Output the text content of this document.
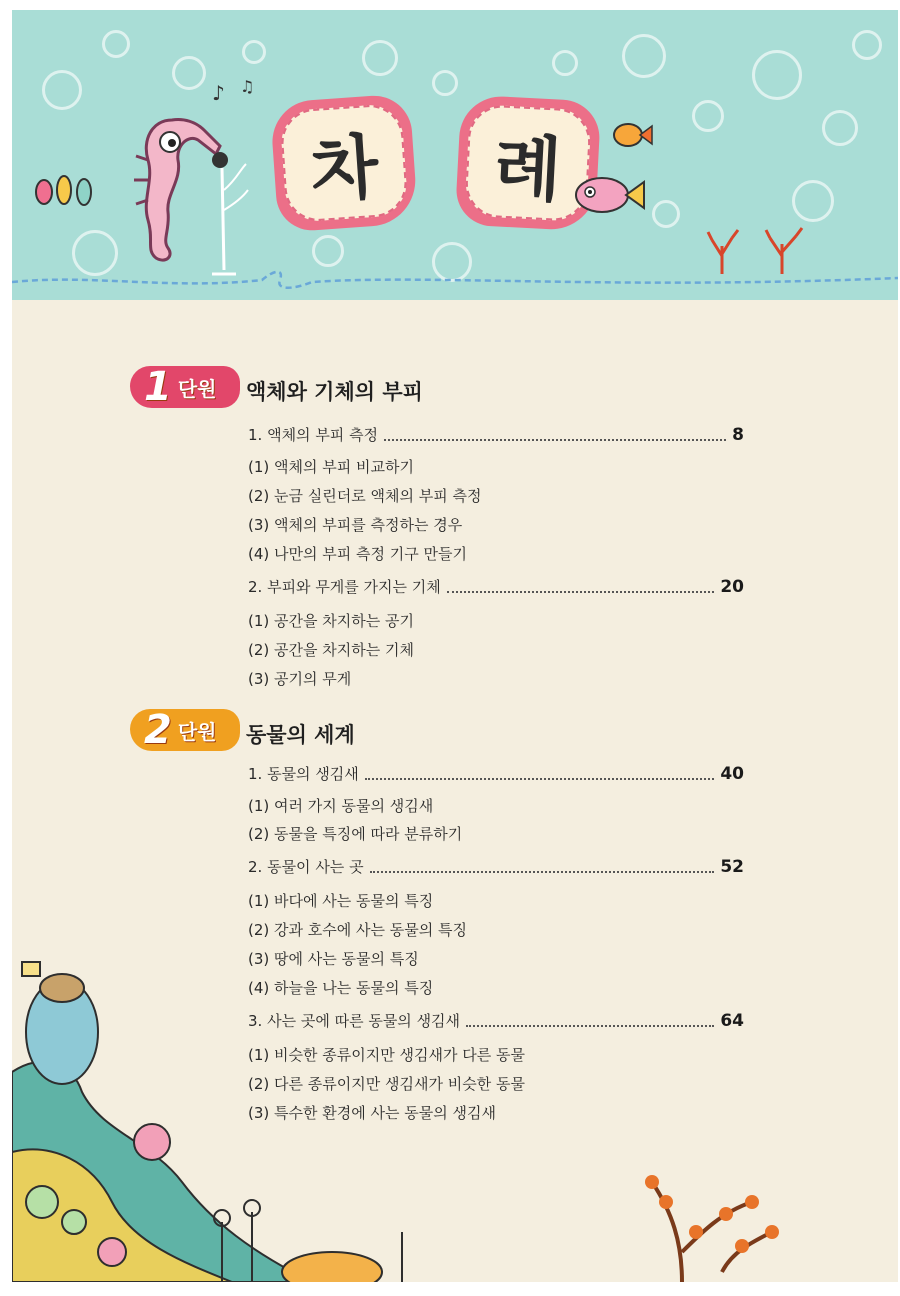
♪ ♫
차	례
1 단원 액체와 기체의 부피
1. 액체의 부피 측정	8
(1) 액체의 부피 비교하기
(2) 눈금 실린더로 액체의 부피 측정
(3) 액체의 부피를 측정하는 경우
(4) 나만의 부피 측정 기구 만들기
2. 부피와 무게를 가지는 기체	20
(1) 공간을 차지하는 공기
(2) 공간을 차지하는 기체
(3) 공기의 무게
2 단원 동물의 세계
1. 동물의 생김새	40
(1) 여러 가지 동물의 생김새
(2) 동물을 특징에 따라 분류하기
2. 동물이 사는 곳	52
(1) 바다에 사는 동물의 특징
(2) 강과 호수에 사는 동물의 특징
(3) 땅에 사는 동물의 특징
(4) 하늘을 나는 동물의 특징
3. 사는 곳에 따른 동물의 생김새	64
(1) 비슷한 종류이지만 생김새가 다른 동물
(2) 다른 종류이지만 생김새가 비슷한 동물
(3) 특수한 환경에 사는 동물의 생김새
